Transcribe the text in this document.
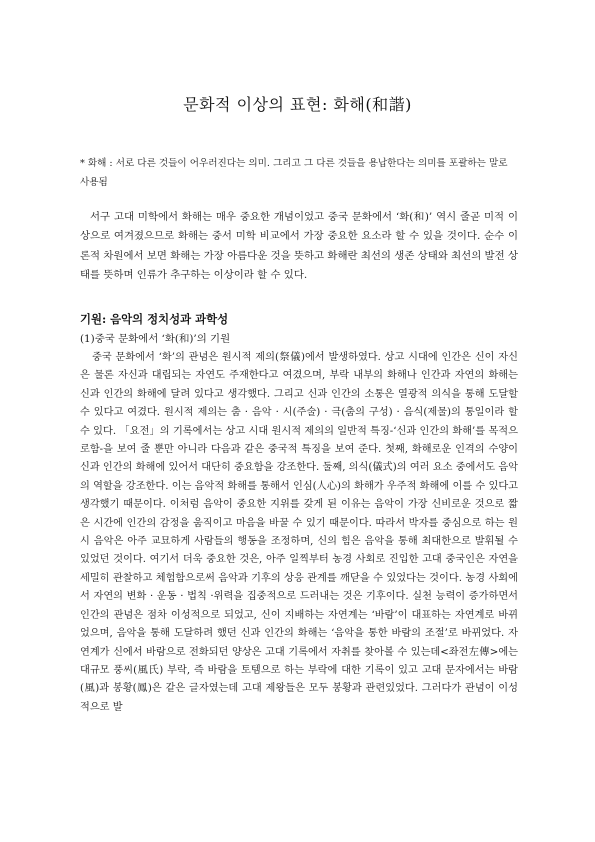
문화적 이상의 표현: 화해(和諧)
* 화해 : 서로 다른 것들이 어우러진다는 의미. 그리고 그 다른 것들을 용납한다는 의미를 포괄하는 말로 사용됨
서구 고대 미학에서 화해는 매우 중요한 개념이었고 중국 문화에서 ‘화(和)’ 역시 줄곧 미적 이상으로 여겨졌으므로 화해는 중서 미학 비교에서 가장 중요한 요소라 할 수 있을 것이다. 순수 이론적 차원에서 보면 화해는 가장 아름다운 것을 뜻하고 화해란 최선의 생존 상태와 최선의 발전 상태를 뜻하며 인류가 추구하는 이상이라 할 수 있다.
기원: 음악의 정치성과 과학성
(1)중국 문화에서 ‘화(和)’의 기원
중국 문화에서 ‘화’의 관념은 원시적 제의(祭儀)에서 발생하였다. 상고 시대에 인간은 신이 자신은 물론 자신과 대립되는 자연도 주재한다고 여겼으며, 부락 내부의 화해나 인간과 자연의 화해는 신과 인간의 화해에 달려 있다고 생각했다. 그리고 신과 인간의 소통은 열광적 의식을 통해 도달할 수 있다고 여겼다. 원시적 제의는 춤 · 음악 · 시(주술) · 극(춤의 구성) · 음식(제물)의 통일이라 할 수 있다. 「요전」의 기록에서는 상고 시대 원시적 제의의 일반적 특징-‘신과 인간의 화해’를 목적으로함-을 보여 줄 뿐만 아니라 다음과 같은 중국적 특징을 보여 준다. 첫째, 화해로운 인격의 수양이 신과 인간의 화해에 있어서 대단히 중요함을 강조한다. 둘째, 의식(儀式)의 여러 요소 중에서도 음악의 역할을 강조한다. 이는 음악적 화해를 통해서 인심(人心)의 화해가 우주적 화해에 이를 수 있다고 생각했기 때문이다. 이처럼 음악이 중요한 지위를 갖게 된 이유는 음악이 가장 신비로운 것으로 짧은 시간에 인간의 감정을 움직이고 마음을 바꿀 수 있기 때문이다. 따라서 박자를 중심으로 하는 원시 음악은 아주 교묘하게 사람들의 행동을 조정하며, 신의 힘은 음악을 통해 최대한으로 발휘될 수 있었던 것이다. 여기서 더욱 중요한 것은, 아주 일찍부터 농경 사회로 진입한 고대 중국인은 자연을 세밀히 관찰하고 체험함으로써 음악과 기후의 상응 관계를 깨닫을 수 있었다는 것이다. 농경 사회에서 자연의 변화 · 운동 · 법칙 ·위력을 집중적으로 드러내는 것은 기후이다. 실천 능력이 증가하면서 인간의 관념은 점차 이성적으로 되었고, 신이 지배하는 자연계는 ‘바람’이 대표하는 자연계로 바뀌었으며, 음악을 통해 도달하려 했던 신과 인간의 화해는 ‘음악을 통한 바람의 조절’로 바뀌었다. 자연계가 신에서 바람으로 전화되던 양상은 고대 기록에서 자취를 찾아볼 수 있는데<좌전左傳>에는 대규모 풍씨(風氏) 부락, 즉 바람을 토템으로 하는 부락에 대한 기록이 있고 고대 문자에서는 바람(風)과 봉황(鳳)은 같은 글자였는데 고대 제왕들은 모두 봉황과 관련있었다. 그러다가 관념이 이성적으로 발
